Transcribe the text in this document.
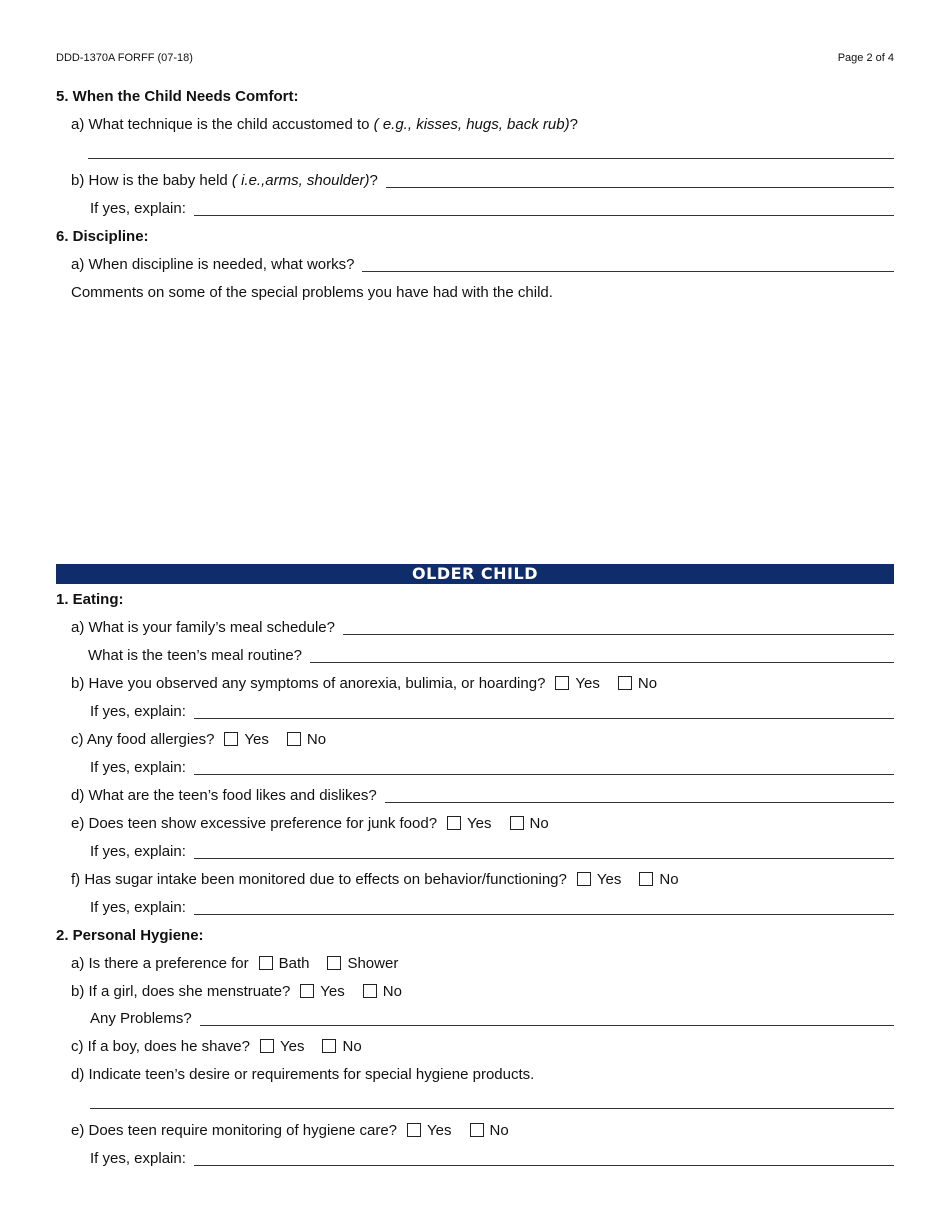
DDD-1370A FORFF (07-18)	Page 2 of 4
5. When the Child Needs Comfort:
a) What technique is the child accustomed to ( e.g., kisses, hugs, back rub) ?
b) How is the baby held ( i.e.,arms, shoulder) ?
If yes, explain:
6. Discipline:
a) When discipline is needed, what works?
Comments on some of the special problems you have had with the child.
OLDER CHILD
1. Eating:
a) What is your family’s meal schedule?
What is the teen’s meal routine?
b) Have you observed any symptoms of anorexia, bulimia, or hoarding? Yes	No
If yes, explain:
c) Any food allergies? Yes	No
If yes, explain:
d) What are the teen’s food likes and dislikes?
e) Does teen show excessive preference for junk food? Yes	No
If yes, explain:
f) Has sugar intake been monitored due to effects on behavior/functioning? Yes	No
If yes, explain:
2. Personal Hygiene:
a) Is there a preference for Bath	Shower
b) If a girl, does she menstruate? Yes	No
Any Problems?
c) If a boy, does he shave? Yes	No
d) Indicate teen’s desire or requirements for special hygiene products.
e) Does teen require monitoring of hygiene care? Yes	No
If yes, explain:
